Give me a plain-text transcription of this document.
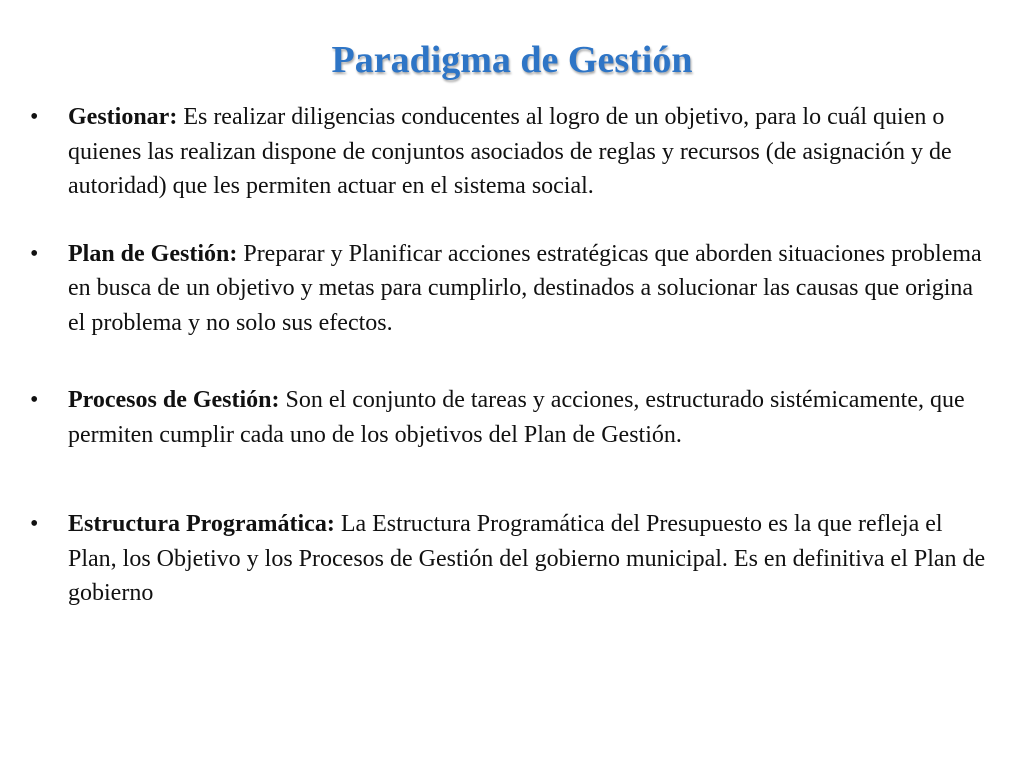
Paradigma de Gestión
•	Gestionar: Es realizar diligencias conducentes al logro de un objetivo, para lo cuál quien o quienes las realizan dispone de conjuntos asociados de reglas y recursos (de asignación y de autoridad) que les permiten actuar en el sistema social.
•	Plan de Gestión: Preparar y Planificar acciones estratégicas que aborden situaciones problema en busca de un objetivo y metas para cumplirlo, destinados a solucionar las causas que origina el problema y no solo sus efectos.
•	Procesos de Gestión: Son el conjunto de tareas y acciones, estructurado sistémicamente, que permiten cumplir cada uno de los objetivos del Plan de Gestión.
•	Estructura Programática: La Estructura Programática del Presupuesto es la que refleja el Plan, los Objetivo y los Procesos de Gestión del gobierno municipal. Es en definitiva el Plan de gobierno
